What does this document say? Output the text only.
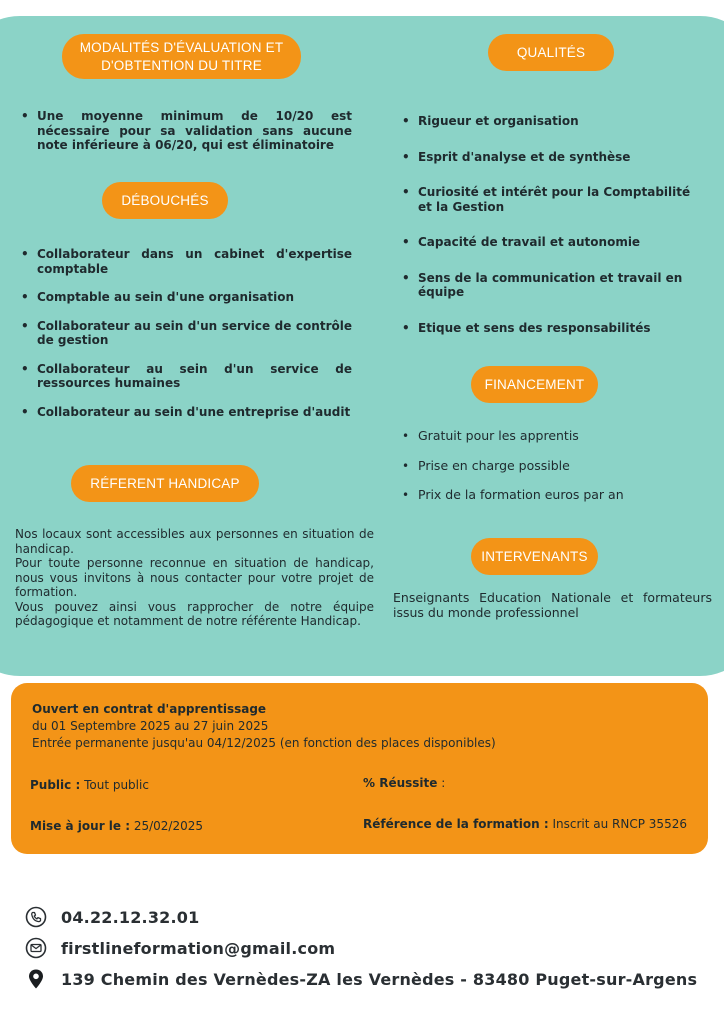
MODALITÉS D'ÉVALUATION ET D'OBTENTION DU TITRE
• Une moyenne minimum de 10/20 est nécessaire pour sa validation sans aucune note inférieure à 06/20, qui est éliminatoire
DÉBOUCHÉS
• Collaborateur dans un cabinet d'expertise comptable
• Comptable au sein d'une organisation
• Collaborateur au sein d'un service de contrôle de gestion
• Collaborateur au sein d'un service de ressources humaines
• Collaborateur au sein d'une entreprise d'audit
RÉFERENT HANDICAP
Nos locaux sont accessibles aux personnes en situation de handicap.
Pour toute personne reconnue en situation de handicap, nous vous invitons à nous contacter pour votre projet de formation.
Vous pouvez ainsi vous rapprocher de notre équipe pédagogique et notamment de notre référente Handicap.
QUALITÉS
• Rigueur et organisation
• Esprit d'analyse et de synthèse
• Curiosité et intérêt pour la Comptabilité et la Gestion
• Capacité de travail et autonomie
• Sens de la communication et travail en équipe
• Etique et sens des responsabilités
FINANCEMENT
• Gratuit pour les apprentis
• Prise en charge possible
• Prix de la formation euros par an
INTERVENANTS
Enseignants Education Nationale et formateurs issus du monde professionnel
Ouvert en contrat d'apprentissage
du 01 Septembre 2025 au 27 juin 2025
Entrée permanente jusqu'au 04/12/2025 (en fonction des places disponibles)
Public : Tout public	% Réussite :
Mise à jour le : 25/02/2025	Référence de la formation : Inscrit au RNCP 35526
04.22.12.32.01
firstlineformation@gmail.com
139 Chemin des Vernèdes-ZA les Vernèdes - 83480 Puget-sur-Argens
